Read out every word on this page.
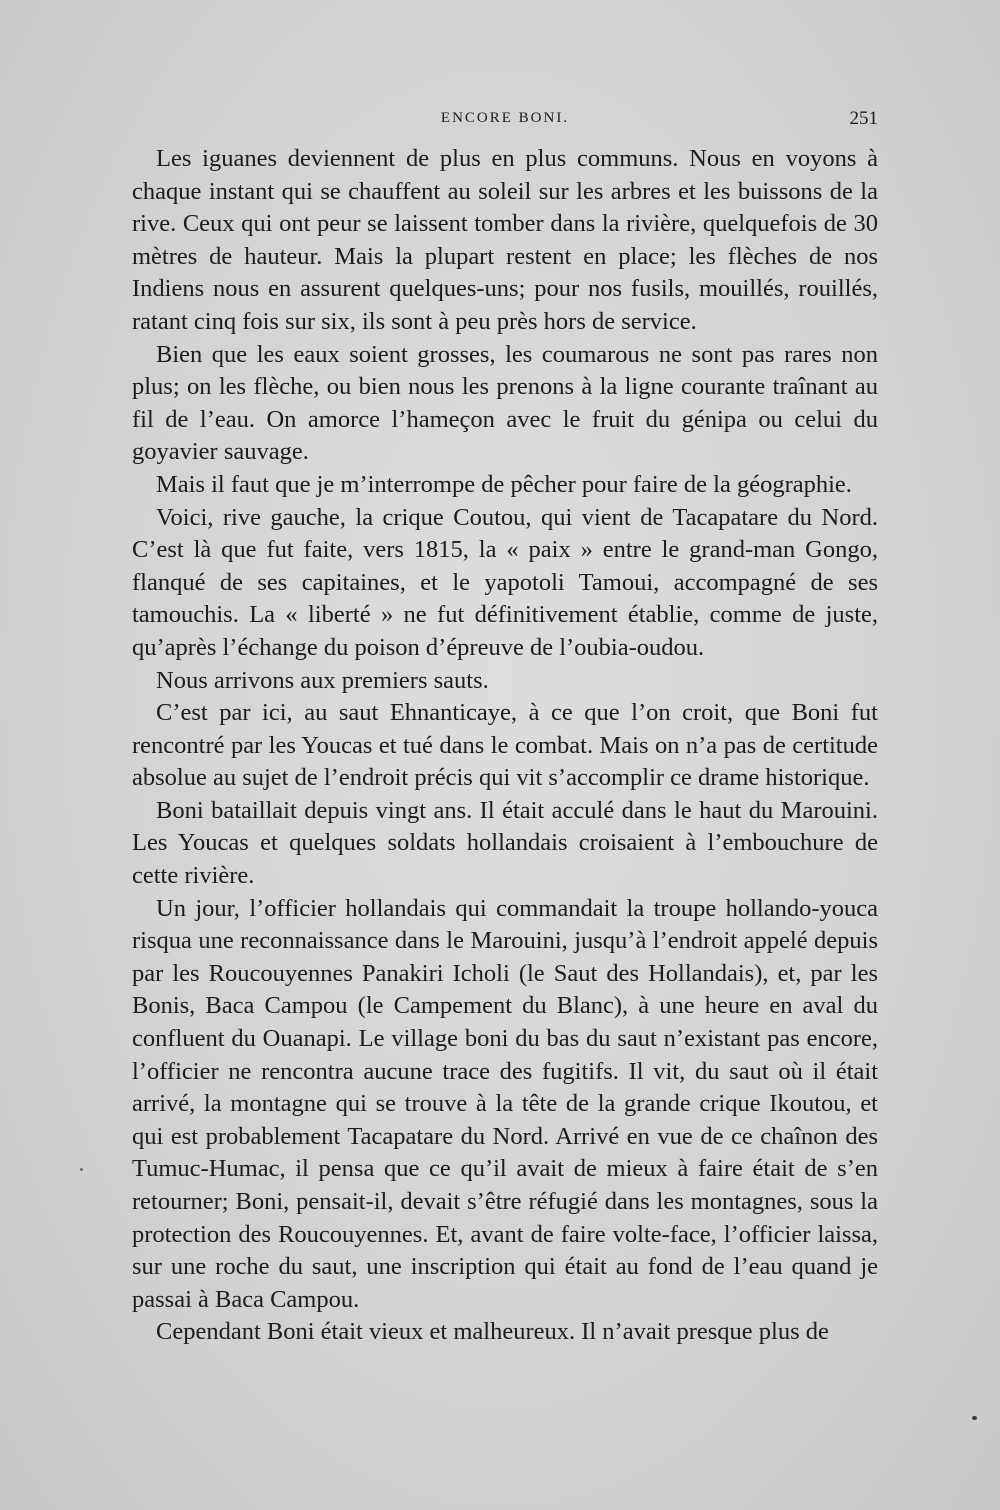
ENCORE BONI.	251

Les iguanes deviennent de plus en plus communs. Nous en voyons à chaque instant qui se chauffent au soleil sur les arbres et les buissons de la rive. Ceux qui ont peur se laissent tomber dans la rivière, quelquefois de 30 mètres de hauteur. Mais la plupart restent en place; les flèches de nos Indiens nous en assurent quelques-uns; pour nos fusils, mouillés, rouillés, ratant cinq fois sur six, ils sont à peu près hors de service.

Bien que les eaux soient grosses, les coumarous ne sont pas rares non plus; on les flèche, ou bien nous les prenons à la ligne courante traînant au fil de l’eau. On amorce l’hameçon avec le fruit du génipa ou celui du goyavier sauvage.

Mais il faut que je m’interrompe de pêcher pour faire de la géographie.

Voici, rive gauche, la crique Coutou, qui vient de Tacapatare du Nord. C’est là que fut faite, vers 1815, la « paix » entre le grand-man Gongo, flanqué de ses capitaines, et le yapotoli Tamoui, accompagné de ses tamouchis. La « liberté » ne fut définitivement établie, comme de juste, qu’après l’échange du poison d’épreuve de l’oubia-oudou.

Nous arrivons aux premiers sauts.

C’est par ici, au saut Ehnanticaye, à ce que l’on croit, que Boni fut rencontré par les Youcas et tué dans le combat. Mais on n’a pas de certitude absolue au sujet de l’endroit précis qui vit s’accomplir ce drame historique.

Boni bataillait depuis vingt ans. Il était acculé dans le haut du Marouini. Les Youcas et quelques soldats hollandais croisaient à l’embouchure de cette rivière.

Un jour, l’officier hollandais qui commandait la troupe hollando-youca risqua une reconnaissance dans le Marouini, jusqu’à l’endroit appelé depuis par les Roucouyennes Panakiri Icholi (le Saut des Hollandais), et, par les Bonis, Baca Campou (le Campement du Blanc), à une heure en aval du confluent du Ouanapi. Le village boni du bas du saut n’existant pas encore, l’officier ne rencontra aucune trace des fugitifs. Il vit, du saut où il était arrivé, la montagne qui se trouve à la tête de la grande crique Ikoutou, et qui est probablement Tacapatare du Nord. Arrivé en vue de ce chaînon des Tumuc-Humac, il pensa que ce qu’il avait de mieux à faire était de s’en retourner; Boni, pensait-il, devait s’être réfugié dans les montagnes, sous la protection des Roucouyennes. Et, avant de faire volte-face, l’officier laissa, sur une roche du saut, une inscription qui était au fond de l’eau quand je passai à Baca Campou.

Cependant Boni était vieux et malheureux. Il n’avait presque plus de
